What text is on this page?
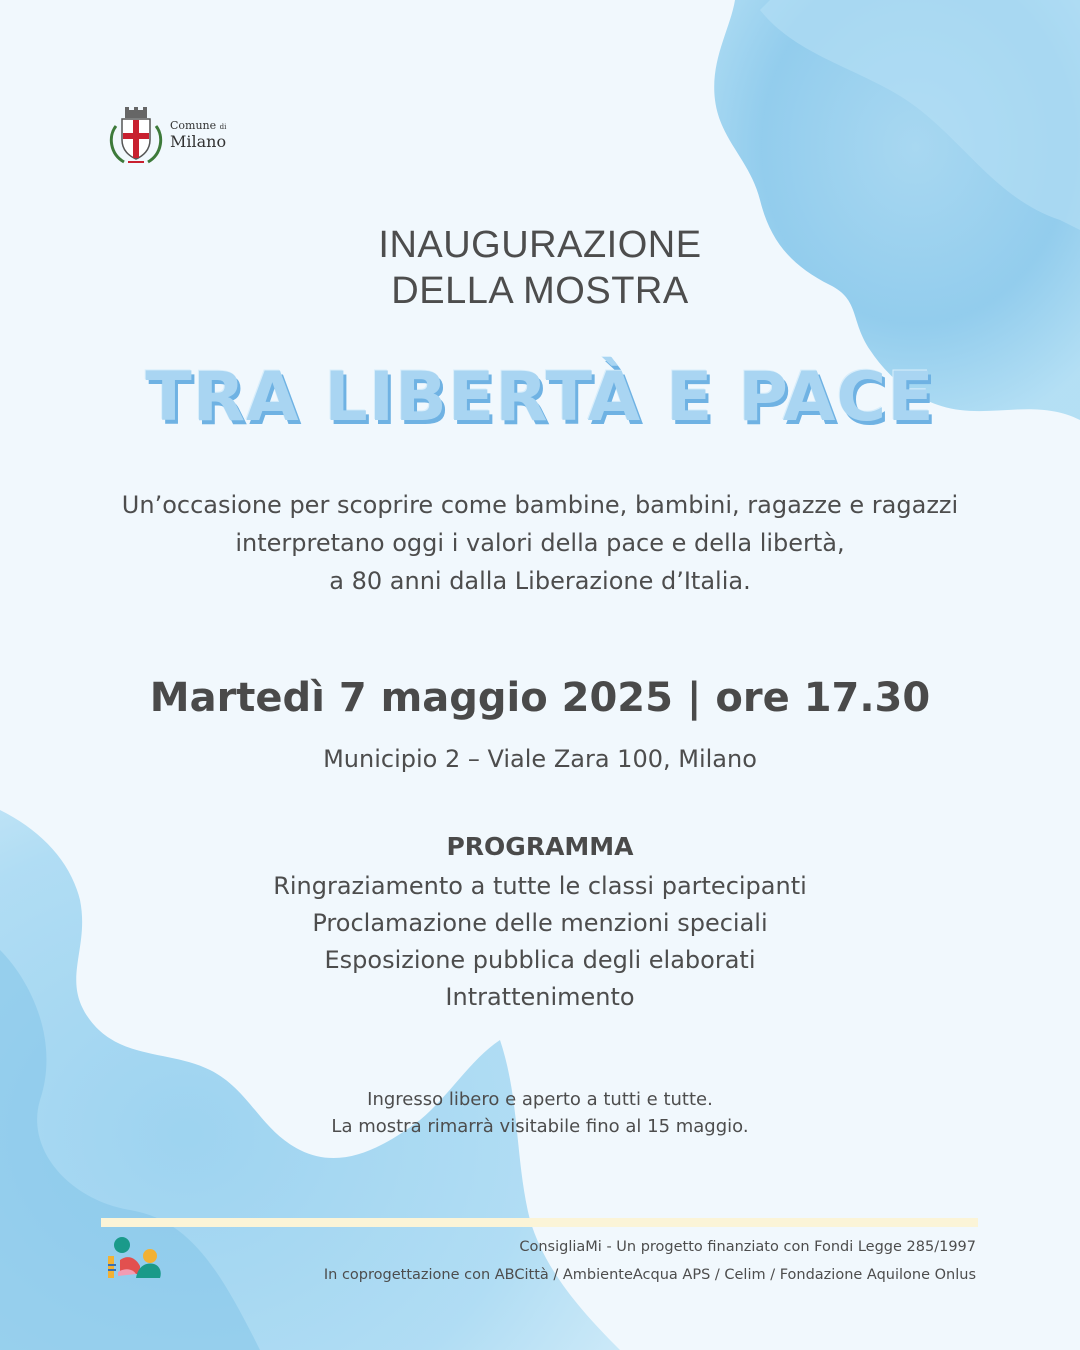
Comune di
Milano
INAUGURAZIONE
DELLA MOSTRA
TRA LIBERTÀ E PACE
Un’occasione per scoprire come bambine, bambini, ragazze e ragazzi
interpretano oggi i valori della pace e della libertà,
a 80 anni dalla Liberazione d’Italia.
Martedì 7 maggio 2025 | ore 17.30
Municipio 2 – Viale Zara 100, Milano
PROGRAMMA
Ringraziamento a tutte le classi partecipanti
Proclamazione delle menzioni speciali
Esposizione pubblica degli elaborati
Intrattenimento
Ingresso libero e aperto a tutti e tutte.
La mostra rimarrà visitabile fino al 15 maggio.
ConsigliaMi - Un progetto finanziato con Fondi Legge 285/1997
In coprogettazione con ABCittà / AmbienteAcqua APS / Celim / Fondazione Aquilone Onlus
